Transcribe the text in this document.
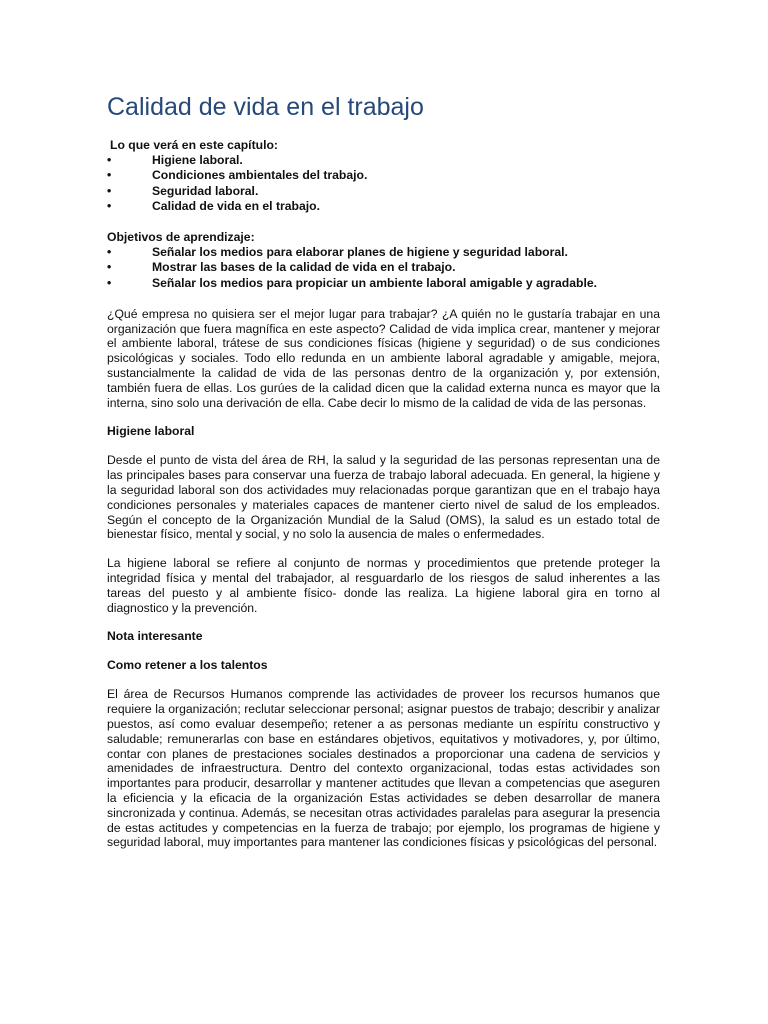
Calidad de vida en el trabajo

Lo que verá en este capítulo:

•	Higiene laboral.
•	Condiciones ambientales del trabajo.
•	Seguridad laboral.
•	Calidad de vida en el trabajo.

Objetivos de aprendizaje:

•	Señalar los medios para elaborar planes de higiene y seguridad laboral.
•	Mostrar las bases de la calidad de vida en el trabajo.
•	Señalar los medios para propiciar un ambiente laboral amigable y agradable.

¿Qué empresa no quisiera ser el mejor lugar para trabajar? ¿A quién no le gustaría trabajar en una organización que fuera magnífica en este aspecto? Calidad de vida implica crear, mantener y mejorar el ambiente laboral, trátese de sus condiciones físicas (higiene y seguridad) o de sus condiciones psicológicas y sociales. Todo ello redunda en un ambiente laboral agradable y amigable, mejora, sustancialmente la calidad de vida de las personas dentro de la organización y, por extensión, también fuera de ellas. Los gurúes de la calidad dicen que la calidad externa nunca es mayor que la interna, sino solo una derivación de ella. Cabe decir lo mismo de la calidad de vida de las personas.

Higiene laboral

Desde el punto de vista del área de RH, la salud y la seguridad de las personas representan una de las principales bases para conservar una fuerza de trabajo laboral adecuada. En general, la higiene y la seguridad laboral son dos actividades muy relacionadas porque garantizan que en el trabajo haya condiciones personales y materiales capaces de mantener cierto nivel de salud de los empleados. Según el concepto de la Organización Mundial de la Salud (OMS), la salud es un estado total de bienestar físico, mental y social, y no solo la ausencia de males o enfermedades.

La higiene laboral se refiere al conjunto de normas y procedimientos que pretende proteger la integridad física y mental del trabajador, al resguardarlo de los riesgos de salud inherentes a las tareas del puesto y al ambiente físico- donde las realiza. La higiene laboral gira en torno al diagnostico y la prevención.

Nota interesante

Como retener a los talentos

El área de Recursos Humanos comprende las actividades de proveer los recursos humanos que requiere la organización; reclutar seleccionar personal; asignar puestos de trabajo; describir y analizar puestos, así como evaluar desempeño; retener a as personas mediante un espíritu constructivo y saludable; remunerarlas con base en estándares objetivos, equitativos y motivadores, y, por último, contar con planes de prestaciones sociales destinados a proporcionar una cadena de servicios y amenidades de infraestructura. Dentro del contexto organizacional, todas estas actividades son importantes para producir, desarrollar y mantener actitudes que llevan a competencias que aseguren la eficiencia y la eficacia de la organización Estas actividades se deben desarrollar de manera sincronizada y continua. Además, se necesitan otras actividades paralelas para asegurar la presencia de estas actitudes y competencias en la fuerza de trabajo; por ejemplo, los programas de higiene y seguridad laboral, muy importantes para mantener las condiciones físicas y psicológicas del personal.
